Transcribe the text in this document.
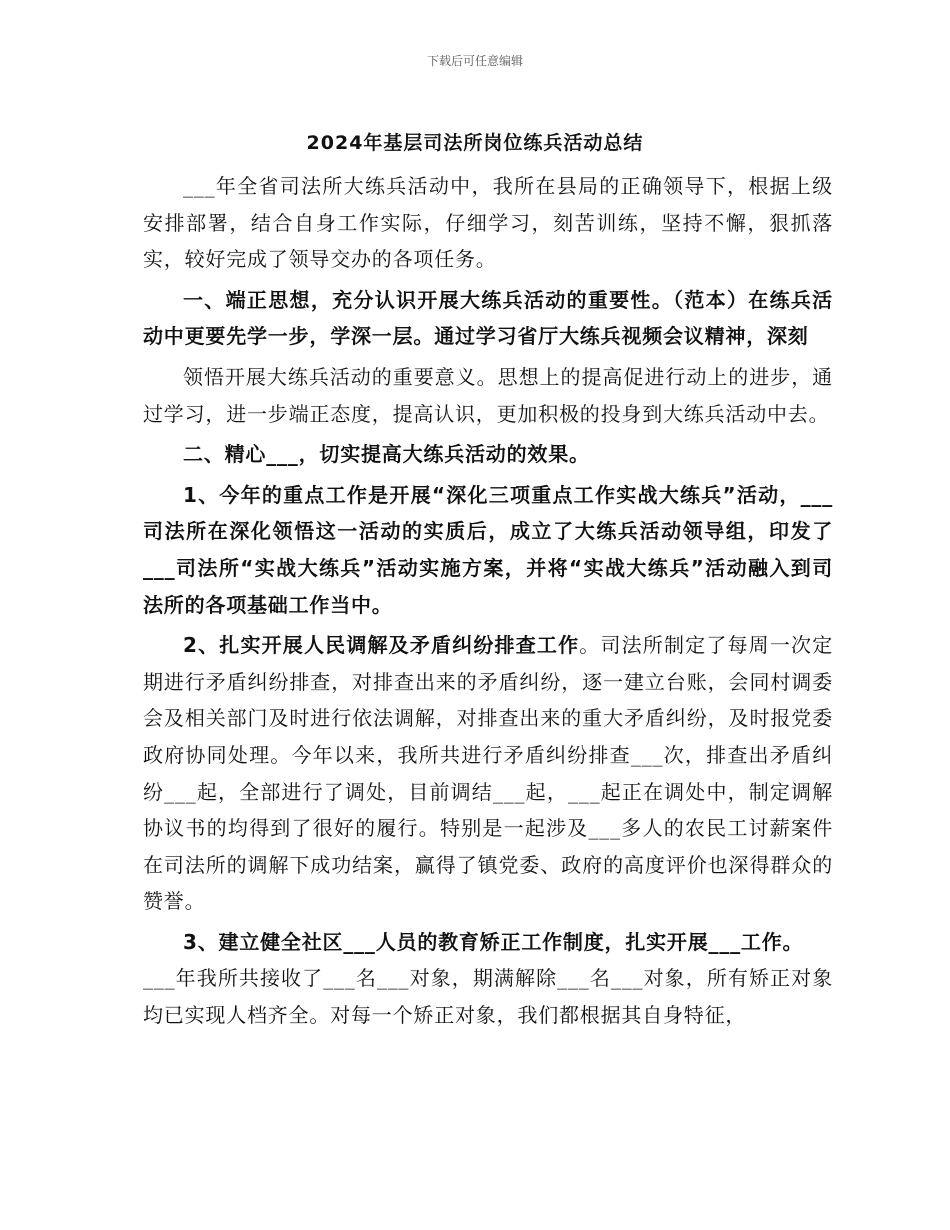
下载后可任意编辑
2024年基层司法所岗位练兵活动总结

___年全省司法所大练兵活动中，我所在县局的正确领导下，根据上级安排部署，结合自身工作实际，仔细学习，刻苦训练，坚持不懈，狠抓落实，较好完成了领导交办的各项任务。

一、端正思想，充分认识开展大练兵活动的重要性。（范本）在练兵活动中更要先学一步，学深一层。通过学习省厅大练兵视频会议精神，深刻

领悟开展大练兵活动的重要意义。思想上的提高促进行动上的进步，通过学习，进一步端正态度，提高认识，更加积极的投身到大练兵活动中去。

二、精心___，切实提高大练兵活动的效果。

1、今年的重点工作是开展“深化三项重点工作实战大练兵”活动，___司法所在深化领悟这一活动的实质后，成立了大练兵活动领导组，印发了___司法所“实战大练兵”活动实施方案，并将“实战大练兵”活动融入到司法所的各项基础工作当中。

2、扎实开展人民调解及矛盾纠纷排查工作。司法所制定了每周一次定期进行矛盾纠纷排查，对排查出来的矛盾纠纷，逐一建立台账，会同村调委会及相关部门及时进行依法调解，对排查出来的重大矛盾纠纷，及时报党委政府协同处理。今年以来，我所共进行矛盾纠纷排查___次，排查出矛盾纠纷___起，全部进行了调处，目前调结___起，___起正在调处中，制定调解协议书的均得到了很好的履行。特别是一起涉及___多人的农民工讨薪案件在司法所的调解下成功结案，赢得了镇党委、政府的高度评价也深得群众的赞誉。

3、建立健全社区___人员的教育矫正工作制度，扎实开展___工作。

___年我所共接收了___名___对象，期满解除___名___对象，所有矫正对象均已实现人档齐全。对每一个矫正对象，我们都根据其自身特征，
